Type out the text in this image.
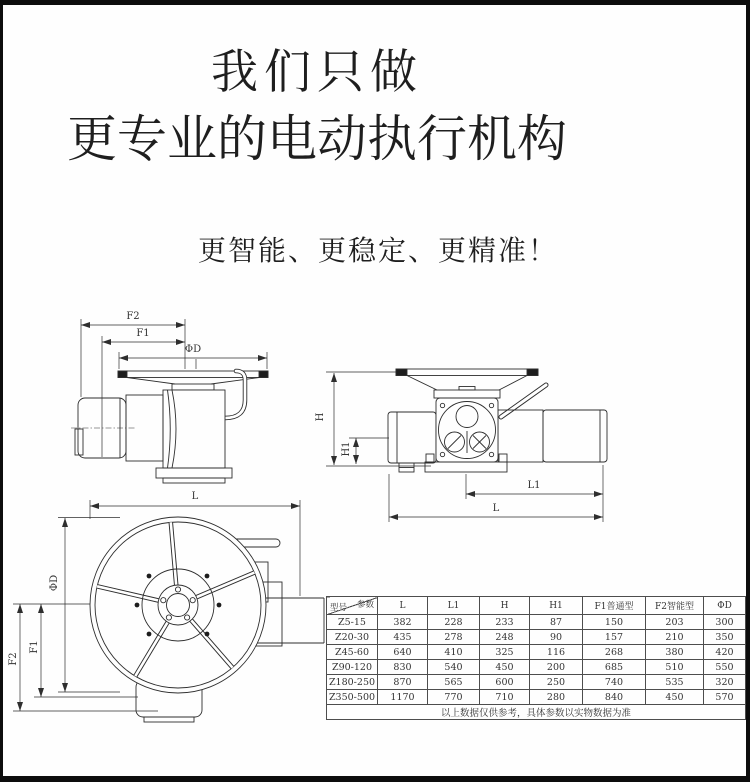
我们只做
更专业的电动执行机构
更智能、更稳定、更精准！
F2
F1
ΦD
H
H1
L1
L
L
ΦD
F1
F2
参数
型号	L	L1	H	H1	F1普通型	F2智能型	ΦD
Z5-15	382	228	233	87	150	203	300
Z20-30	435	278	248	90	157	210	350
Z45-60	640	410	325	116	268	380	420
Z90-120	830	540	450	200	685	510	550
Z180-250	870	565	600	250	740	535	320
Z350-500	1170	770	710	280	840	450	570
以上数据仅供参考，具体参数以实物数据为准							
